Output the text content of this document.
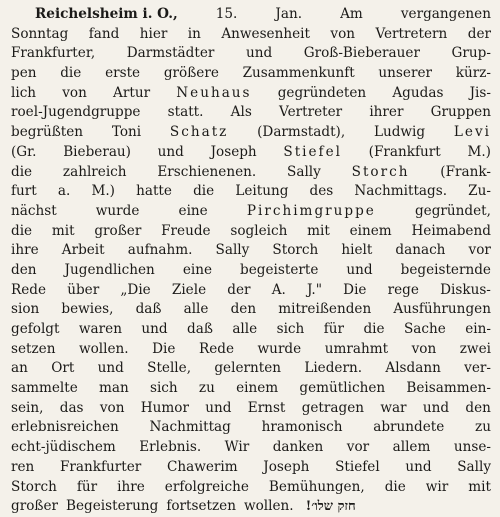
Reichelsheim i. O.,	15.	Jan.	Am	vergangenen
Sonntag fand hier in Anwesenheit von Vertretern der
Frankfurter, Darmstädter und Groß-Bieberauer Grup-
pen die erste größere Zusammenkunft unserer kürz-
lich von Artur Neuhaus gegründeten Agudas Jis-
roel-Jugendgruppe statt. Als Vertreter ihrer Gruppen
begrüßten Toni Schatz (Darmstadt), Ludwig Levi
(Gr. Bieberau) und Joseph Stiefel (Frankfurt M.)
die zahlreich Erschienenen. Sally Storch (Frank-
furt a. M.) hatte die Leitung des Nachmittags. Zu-
nächst	wurde	eine	Pirchimgruppe	gegründet,
die mit großer Freude sogleich mit einem Heimabend
ihre Arbeit aufnahm. Sally Storch hielt danach vor
den Jugendlichen eine begeisterte und begeisternde
Rede über „Die Ziele der A. J." Die rege Diskus-
sion bewies, daß alle den mitreißenden Ausführungen
gefolgt waren und daß alle sich für die Sache ein-
setzen wollen. Die Rede wurde umrahmt von zwei
an Ort und Stelle, gelernten Liedern. Alsdann ver-
sammelte man sich zu einem gemütlichen Beisammen-
sein, das von Humor und Ernst getragen war und den
erlebnisreichen Nachmittag hramonisch abrundete zu
echt-jüdischem Erlebnis. Wir danken vor allem unse-
ren Frankfurter Chawerim Joseph Stiefel und Sally
Storch für ihre erfolgreiche Bemühungen, die wir mit
großer Begeisterung fortsetzen wollen. חזק שלו׳!
